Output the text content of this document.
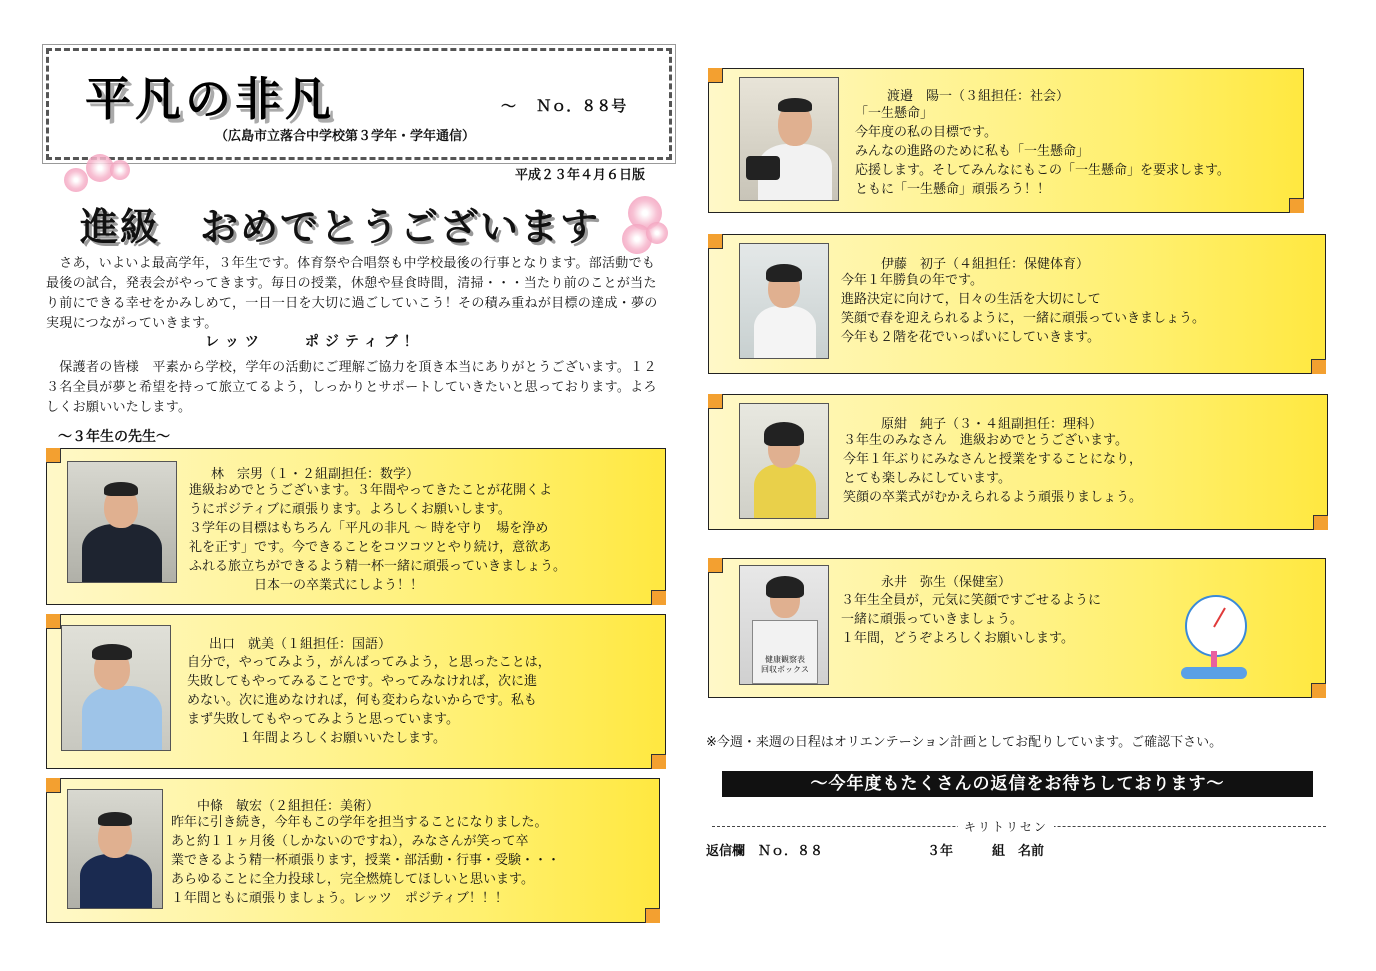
平凡の非凡	～　 Ｎｏ．８８号
（広島市立落合中学校第３学年・学年通信）
平成２３年４月６日版
進級　おめでとうございます
　さあ，いよいよ最高学年，３年生です。体育祭や合唱祭も中学校最後の行事となります。部活動でも最後の試合，発表会がやってきます。毎日の授業，休憩や昼食時間，清掃・・・当たり前のことが当たり前にできる幸せをかみしめて，一日一日を大切に過ごしていこう！その積み重ねが目標の達成・夢の実現につながっていきます。
レッツ　　ポジティブ！
　保護者の皆様　平素から学校，学年の活動にご理解ご協力を頂き本当にありがとうございます。１２３名全員が夢と希望を持って旅立てるよう，しっかりとサポートしていきたいと思っております。よろしくお願いいたします。
～３年生の先生～
林　宗男（１・２組副担任：数学）
進級おめでとうございます。３年間やってきたことが花開くよ
うにポジティブに頑張ります。よろしくお願いします。
３学年の目標はもちろん「平凡の非凡 ～ 時を守り　場を浄め
礼を正す」です。今できることをコツコツとやり続け，意欲あ
ふれる旅立ちができるよう精一杯一緒に頑張っていきましょう。
　　　　　日本一の卒業式にしよう！！
出口　就美（１組担任：国語）
自分で，やってみよう，がんばってみよう，と思ったことは，
失敗してもやってみることです。やってみなければ，次に進
めない。次に進めなければ，何も変わらないからです。私も
まず失敗してもやってみようと思っています。
　　　　１年間よろしくお願いいたします。
中條　敏宏（２組担任：美術）
昨年に引き続き，今年もこの学年を担当することになりました。
あと約１１ヶ月後（しかないのですね），みなさんが笑って卒
業できるよう精一杯頑張ります，授業・部活動・行事・受験・・・
あらゆることに全力投球し，完全燃焼してほしいと思います。
１年間ともに頑張りましょう。レッツ　ポジティブ！！！
渡邉　陽一（３組担任：社会）
「一生懸命」
今年度の私の目標です。
みんなの進路のために私も「一生懸命」
応援します。そしてみんなにもこの「一生懸命」を要求します。
ともに「一生懸命」頑張ろう！！
伊藤　初子（４組担任：保健体育）
今年１年勝負の年です。
進路決定に向けて，日々の生活を大切にして
笑顔で春を迎えられるように，一緒に頑張っていきましょう。
今年も２階を花でいっぱいにしていきます。
原紺　純子（３・４組副担任：理科）
３年生のみなさん　進級おめでとうございます。
今年１年ぶりにみなさんと授業をすることになり，
とても楽しみにしています。
笑顔の卒業式がむかえられるよう頑張りましょう。
健康観察表
回収ボックス
永井　弥生（保健室）
３年生全員が，元気に笑顔ですごせるように
一緒に頑張っていきましょう。
１年間，どうぞよろしくお願いします。
※今週・来週の日程はオリエンテーション計画としてお配りしています。ご確認下さい。
～今年度もたくさんの返信をお待ちしております～
キリトリセン
返信欄　Ｎｏ．８８　　　　　　　　３年　　　組　名前
